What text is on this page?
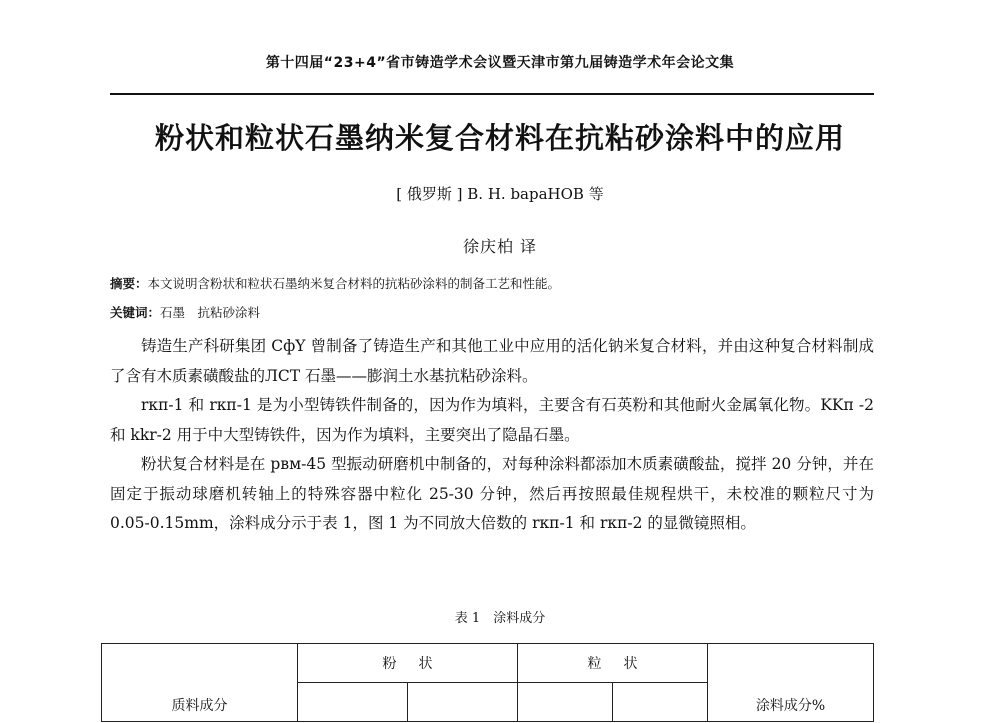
第十四届“23+4”省市铸造学术会议暨天津市第九届铸造学术年会论文集
粉状和粒状石墨纳米复合材料在抗粘砂涂料中的应用
[ 俄罗斯 ] B. H. bapaHOB 等
徐庆柏 译
摘要：本文说明含粉状和粒状石墨纳米复合材料的抗粘砂涂料的制备工艺和性能。
关键词：石墨　抗粘砂涂料

铸造生产科研集团 CфY 曾制备了铸造生产和其他工业中应用的活化钠米复合材料，并由这种复合材料制成了含有木质素磺酸盐的ЛCT 石墨——膨润土水基抗粘砂涂料。

rкп-1 和 rкп-1 是为小型铸铁件制备的，因为作为填料，主要含有石英粉和其他耐火金属氧化物。KKп -2 和 kkr-2 用于中大型铸铁件，因为作为填料，主要突出了隐晶石墨。

粉状复合材料是在 pвм-45 型振动研磨机中制备的，对每种涂料都添加木质素磺酸盐，搅拌 20 分钟，并在固定于振动球磨机转轴上的特殊容器中粒化 25-30 分钟，然后再按照最佳规程烘干，未校准的颗粒尺寸为 0.05-0.15mm，涂料成分示于表 1，图 1 为不同放大倍数的 rкп-1 和 rкп-2 的显微镜照相。

表 1　涂料成分
质料成分	粉状		粒状		涂料成分%
